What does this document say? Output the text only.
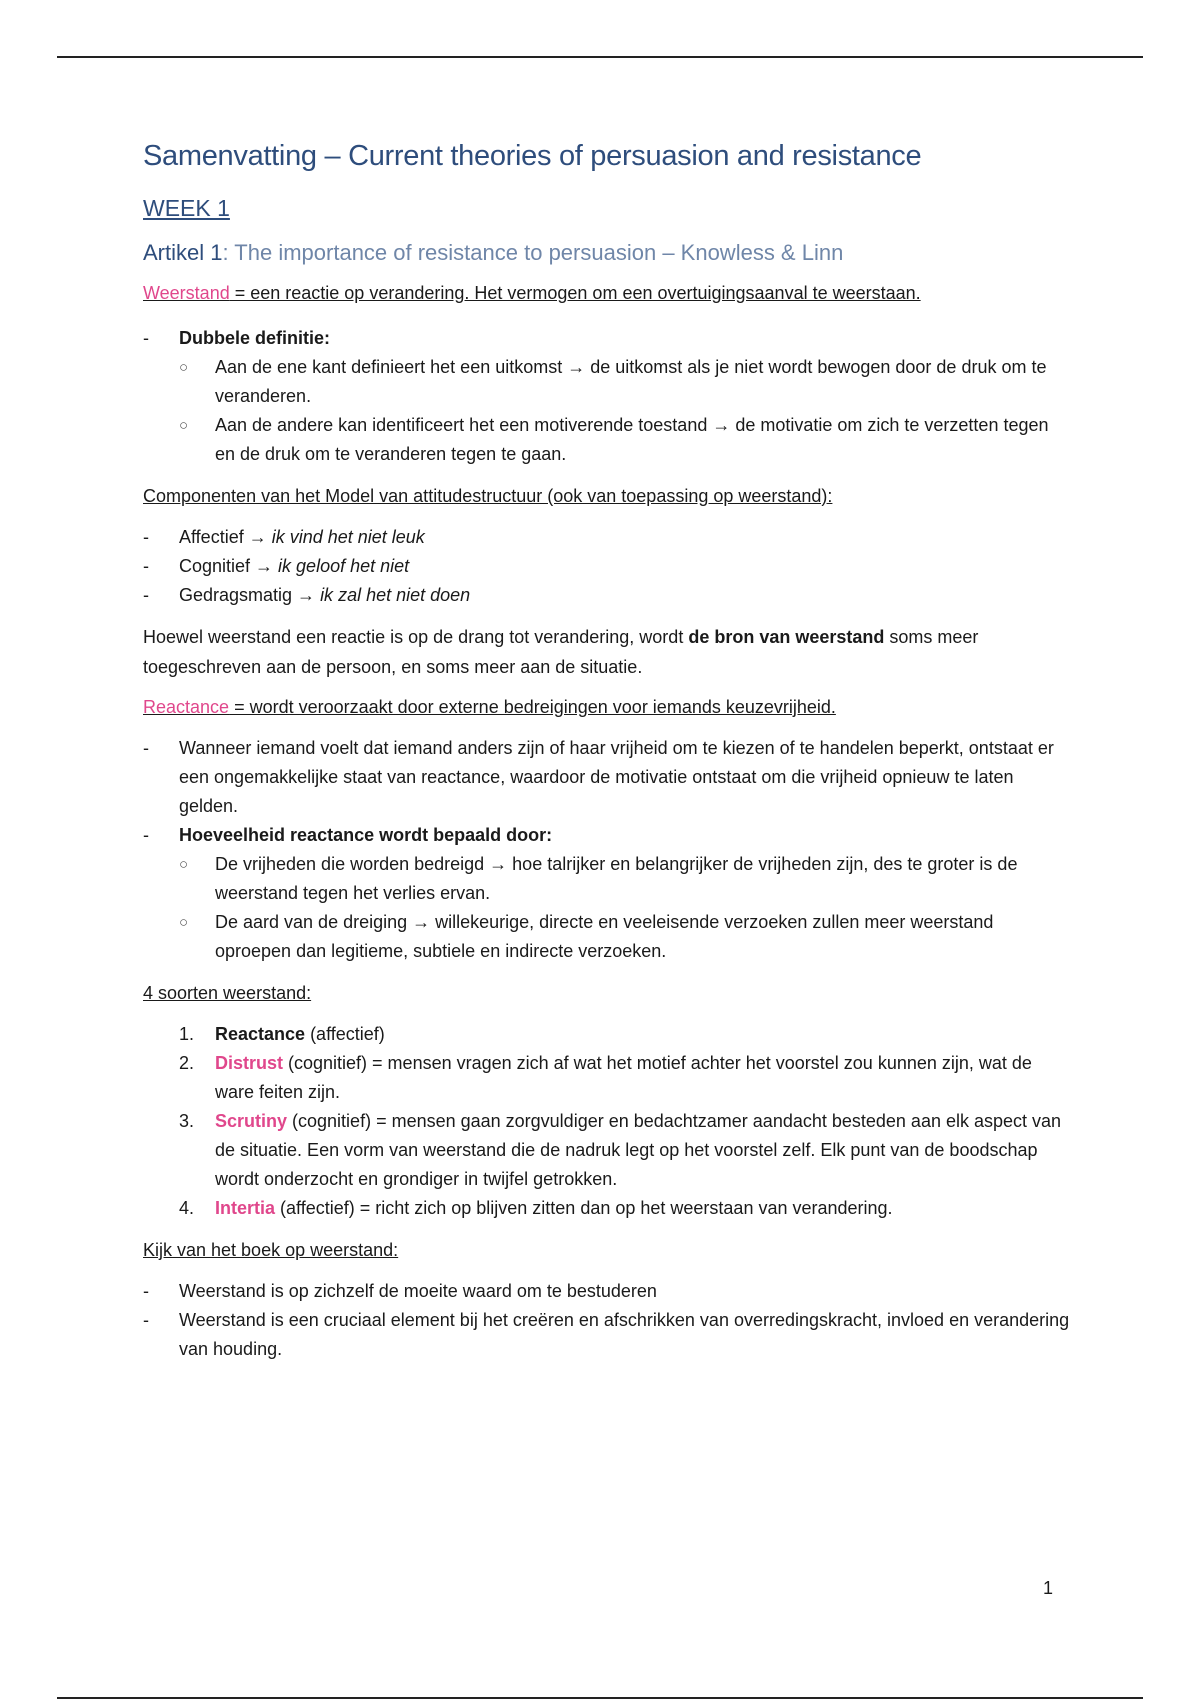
Samenvatting – Current theories of persuasion and resistance
WEEK 1
Artikel 1: The importance of resistance to persuasion – Knowless & Linn

Weerstand = een reactie op verandering. Het vermogen om een overtuigingsaanval te weerstaan.

- Dubbele definitie:
○ Aan de ene kant definieert het een uitkomst → de uitkomst als je niet wordt bewogen door de druk om te veranderen.
○ Aan de andere kan identificeert het een motiverende toestand → de motivatie om zich te verzetten tegen en de druk om te veranderen tegen te gaan.

Componenten van het Model van attitudestructuur (ook van toepassing op weerstand):

- Affectief → ik vind het niet leuk
- Cognitief → ik geloof het niet
- Gedragsmatig → ik zal het niet doen

Hoewel weerstand een reactie is op de drang tot verandering, wordt de bron van weerstand soms meer toegeschreven aan de persoon, en soms meer aan de situatie.

Reactance = wordt veroorzaakt door externe bedreigingen voor iemands keuzevrijheid.

- Wanneer iemand voelt dat iemand anders zijn of haar vrijheid om te kiezen of te handelen beperkt, ontstaat er een ongemakkelijke staat van reactance, waardoor de motivatie ontstaat om die vrijheid opnieuw te laten gelden.
- Hoeveelheid reactance wordt bepaald door:
○ De vrijheden die worden bedreigd → hoe talrijker en belangrijker de vrijheden zijn, des te groter is de weerstand tegen het verlies ervan.
○ De aard van de dreiging → willekeurige, directe en veeleisende verzoeken zullen meer weerstand oproepen dan legitieme, subtiele en indirecte verzoeken.

4 soorten weerstand:

1. Reactance (affectief)
2. Distrust (cognitief) = mensen vragen zich af wat het motief achter het voorstel zou kunnen zijn, wat de ware feiten zijn.
3. Scrutiny (cognitief) = mensen gaan zorgvuldiger en bedachtzamer aandacht besteden aan elk aspect van de situatie. Een vorm van weerstand die de nadruk legt op het voorstel zelf. Elk punt van de boodschap wordt onderzocht en grondiger in twijfel getrokken.
4. Intertia (affectief) = richt zich op blijven zitten dan op het weerstaan van verandering.

Kijk van het boek op weerstand:

- Weerstand is op zichzelf de moeite waard om te bestuderen
- Weerstand is een cruciaal element bij het creëren en afschrikken van overredingskracht, invloed en verandering van houding.
1
